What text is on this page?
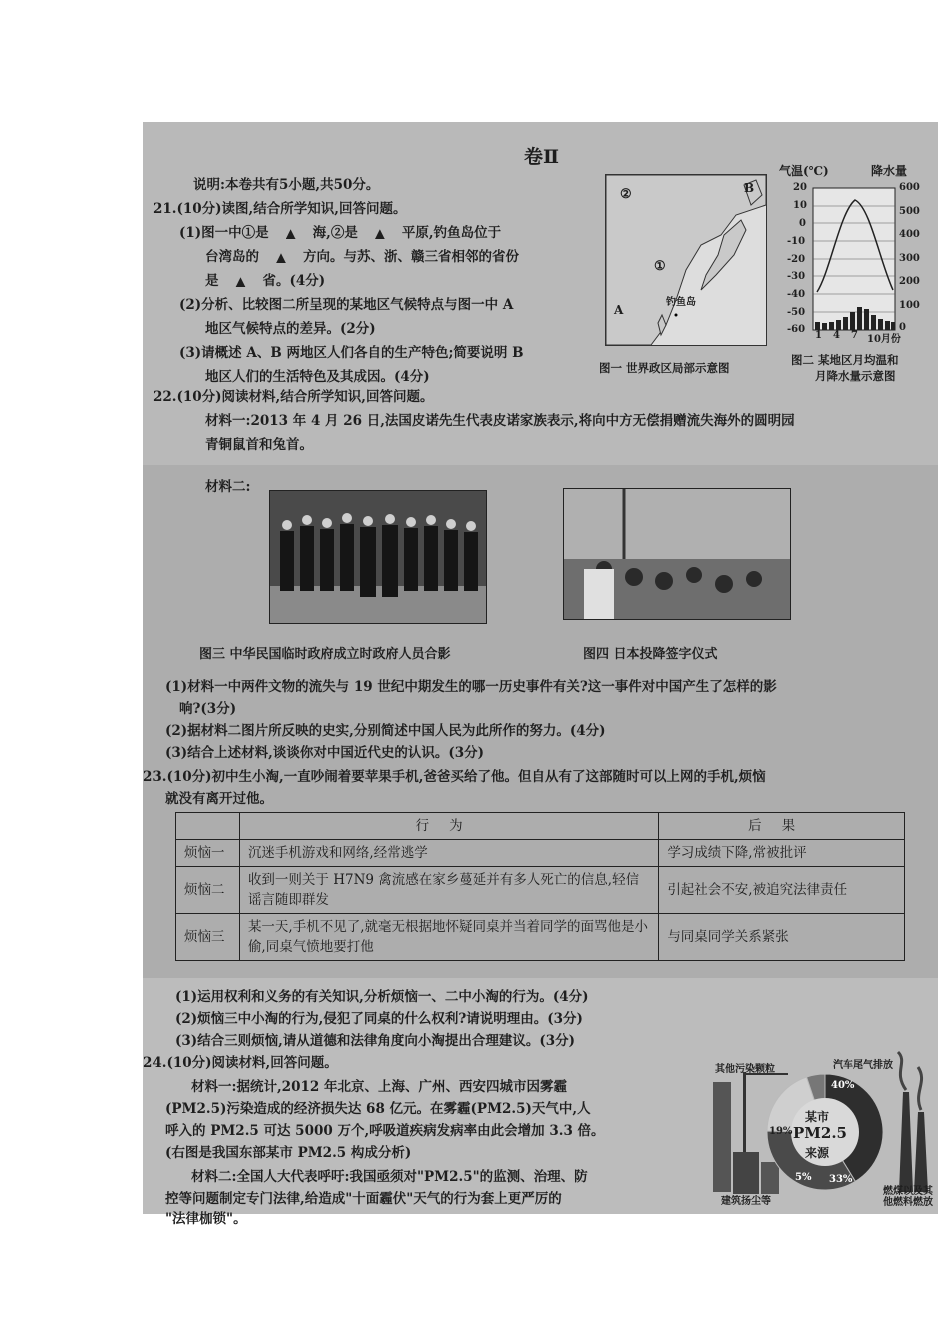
卷Ⅱ
说明:本卷共有5小题,共50分。
21.(10分)读图,结合所学知识,回答问题。
(1)图一中①是 ▲ 海,②是 ▲ 平原,钓鱼岛位于
台湾岛的 ▲ 方向。与苏、浙、赣三省相邻的省份
是 ▲ 省。(4分)
(2)分析、比较图二所呈现的某地区气候特点与图一中 A
地区气候特点的差异。(2分)
(3)请概述 A、B 两地区人们各自的生产特色;简要说明 B
地区人们的生活特色及其成因。(4分)
②
①
B
A
钓鱼岛
图一 世界政区局部示意图
气温(℃)	降水量
20
10
0
-10
-20
-30
-40
-50
-60
600
500
400
300
200
100
0
1 4 7 10月份
图二 某地区月均温和
月降水量示意图
22.(10分)阅读材料,结合所学知识,回答问题。
材料一:2013 年 4 月 26 日,法国皮诺先生代表皮诺家族表示,将向中方无偿捐赠流失海外的圆明园
青铜鼠首和兔首。
材料二:
图三 中华民国临时政府成立时政府人员合影	图四 日本投降签字仪式
(1)材料一中两件文物的流失与 19 世纪中期发生的哪一历史事件有关?这一事件对中国产生了怎样的影
响?(3分)
(2)据材料二图片所反映的史实,分别简述中国人民为此所作的努力。(4分)
(3)结合上述材料,谈谈你对中国近代史的认识。(3分)
23.(10分)初中生小淘,一直吵闹着要苹果手机,爸爸买给了他。但自从有了这部随时可以上网的手机,烦恼
就没有离开过他。
	行为	后果
烦恼一	沉迷手机游戏和网络,经常逃学	学习成绩下降,常被批评
烦恼二	收到一则关于 H7N9 禽流感在家乡蔓延并有多人死亡的信息,轻信谣言随即群发	引起社会不安,被追究法律责任
烦恼三	某一天,手机不见了,就毫无根据地怀疑同桌并当着同学的面骂他是小偷,同桌气愤地要打他	与同桌同学关系紧张
(1)运用权利和义务的有关知识,分析烦恼一、二中小淘的行为。(4分)
(2)烦恼三中小淘的行为,侵犯了同桌的什么权利?请说明理由。(3分)
(3)结合三则烦恼,请从道德和法律角度向小淘提出合理建议。(3分)
24.(10分)阅读材料,回答问题。
材料一:据统计,2012 年北京、上海、广州、西安四城市因雾霾
(PM2.5)污染造成的经济损失达 68 亿元。在雾霾(PM2.5)天气中,人
呼入的 PM2.5 可达 5000 万个,呼吸道疾病发病率由此会增加 3.3 倍。
(右图是我国东部某市 PM2.5 构成分析)
材料二:全国人大代表呼吁:我国亟须对"PM2.5"的监测、治理、防
控等问题制定专门法律,给造成"十面霾伏"天气的行为套上更严厉的
"法律枷锁"。
某市
PM2.5
来源
汽车尾气排放
其他污染颗粒
建筑扬尘等
燃煤以及其
他燃料燃放
40%
19%
5% 33%
